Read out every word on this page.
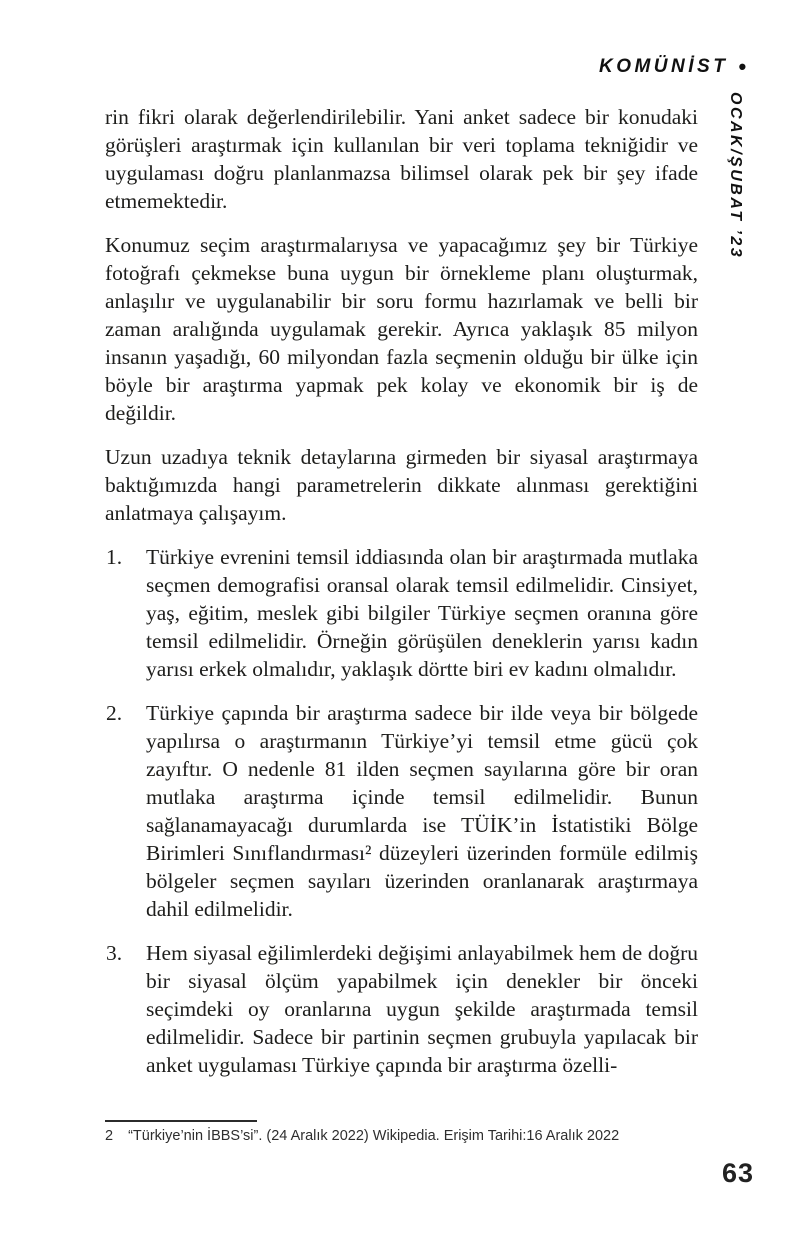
KOMÜNİST •
OCAK/ŞUBAT ’23

rin fikri olarak değerlendirilebilir. Yani anket sadece bir konudaki görüşleri araştırmak için kullanılan bir veri toplama tekniğidir ve uygulaması doğru planlanmazsa bilimsel olarak pek bir şey ifade etmemektedir.

Konumuz seçim araştırmalarıysa ve yapacağımız şey bir Türkiye fotoğrafı çekmekse buna uygun bir örnekleme planı oluşturmak, anlaşılır ve uygulanabilir bir soru formu hazırlamak ve belli bir zaman aralığında uygulamak gerekir. Ayrıca yaklaşık 85 milyon insanın yaşadığı, 60 milyondan fazla seçmenin olduğu bir ülke için böyle bir araştırma yapmak pek kolay ve ekonomik bir iş de değildir.

Uzun uzadıya teknik detaylarına girmeden bir siyasal araştırmaya baktığımızda hangi parametrelerin dikkate alınması gerektiğini anlatmaya çalışayım.

1. Türkiye evrenini temsil iddiasında olan bir araştırmada mutlaka seçmen demografisi oransal olarak temsil edilmelidir. Cinsiyet, yaş, eğitim, meslek gibi bilgiler Türkiye seçmen oranına göre temsil edilmelidir. Örneğin görüşülen deneklerin yarısı kadın yarısı erkek olmalıdır, yaklaşık dörtte biri ev kadını olmalıdır.
2. Türkiye çapında bir araştırma sadece bir ilde veya bir bölgede yapılırsa o araştırmanın Türkiye’yi temsil etme gücü çok zayıftır. O nedenle 81 ilden seçmen sayılarına göre bir oran mutlaka araştırma içinde temsil edilmelidir. Bunun sağlanamayacağı durumlarda ise TÜİK’in İstatistiki Bölge Birimleri Sınıflandırması² düzeyleri üzerinden formüle edilmiş bölgeler seçmen sayıları üzerinden oranlanarak araştırmaya dahil edilmelidir.
3. Hem siyasal eğilimlerdeki değişimi anlayabilmek hem de doğru bir siyasal ölçüm yapabilmek için denekler bir önceki seçimdeki oy oranlarına uygun şekilde araştırmada temsil edilmelidir. Sadece bir partinin seçmen grubuyla yapılacak bir anket uygulaması Türkiye çapında bir araştırma özelli-
2 “Türkiye’nin İBBS’si”. (24 Aralık 2022) Wikipedia. Erişim Tarihi:16 Aralık 2022
63
